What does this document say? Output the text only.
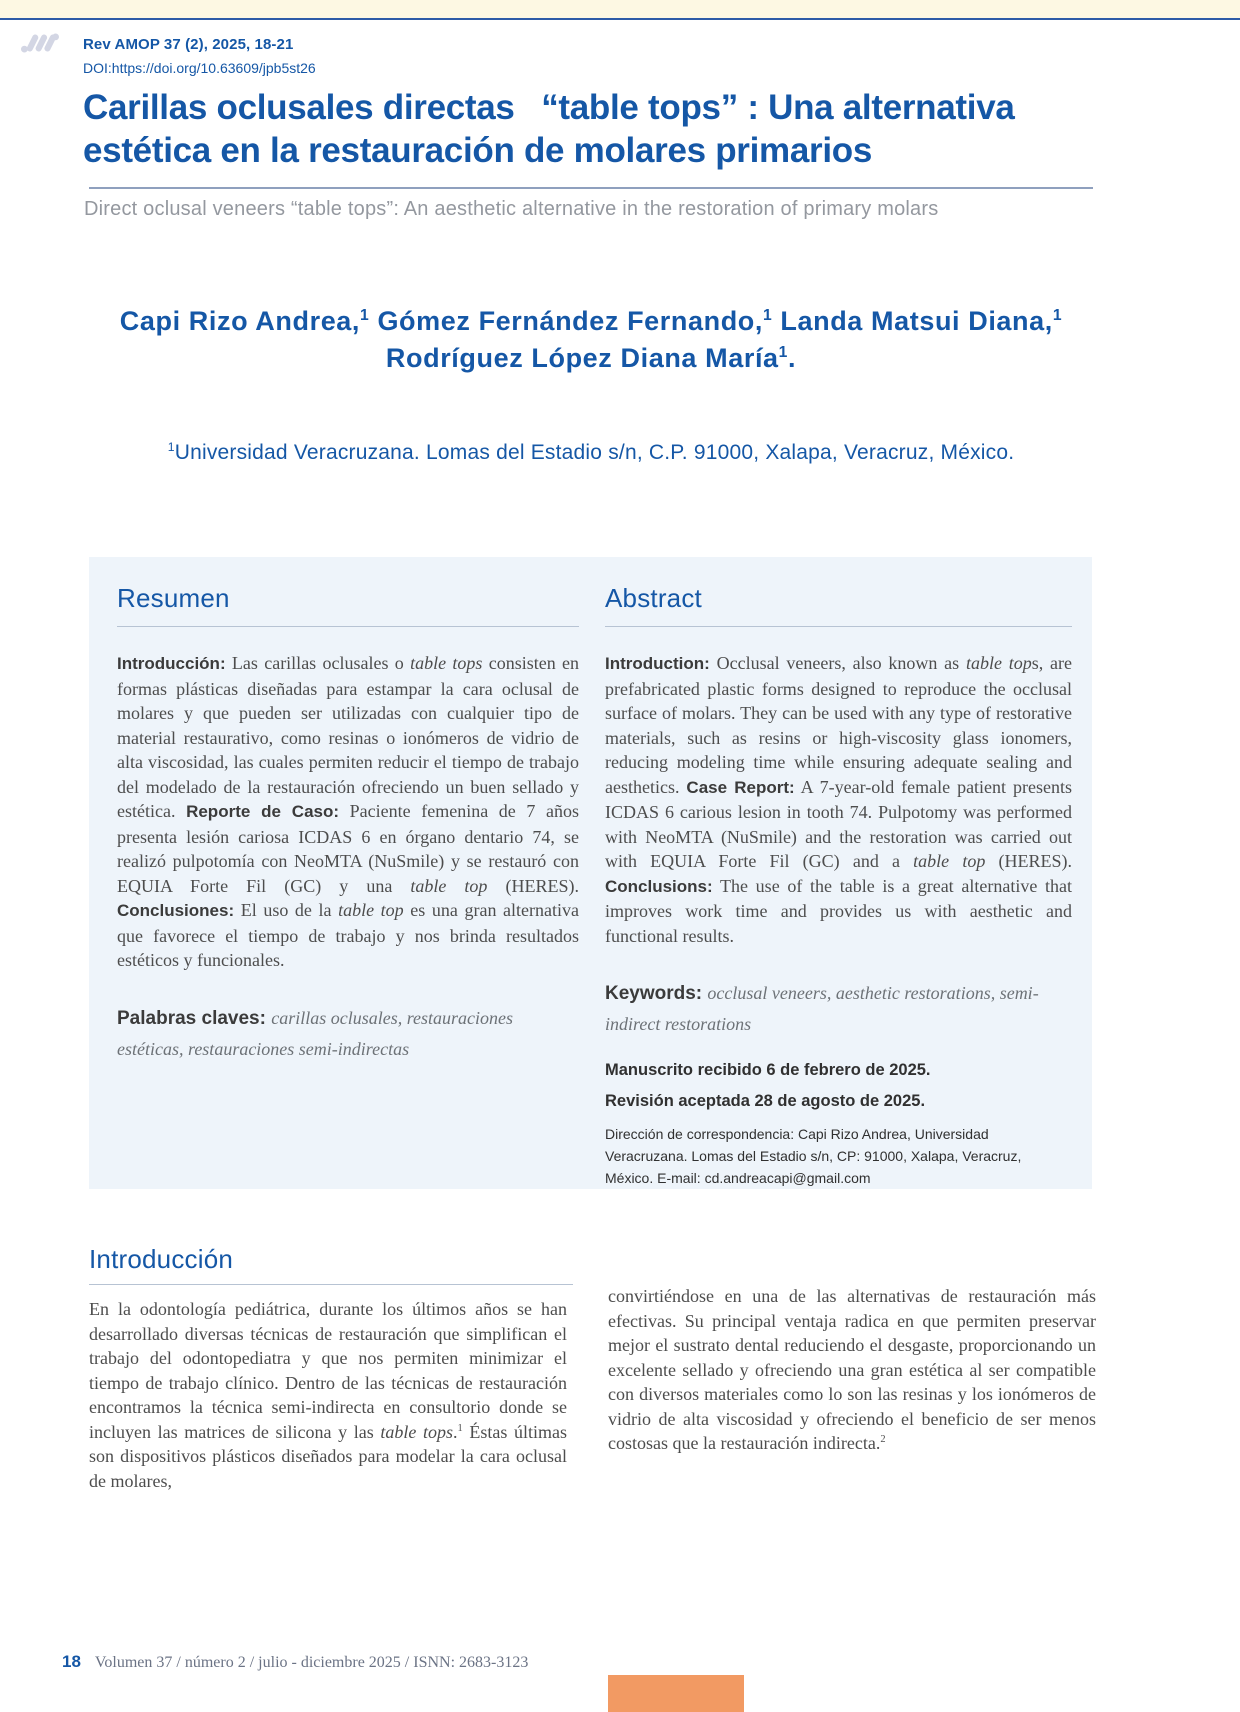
Rev AMOP 37 (2), 2025, 18-21
DOI:https://doi.org/10.63609/jpb5st26
Carillas oclusales directas  “table tops” : Una alternativa
estética en la restauración de molares primarios
Direct oclusal veneers “table tops”: An aesthetic alternative in the restoration of primary molars
Capi Rizo Andrea,$^1$ Gómez Fernández Fernando,$^1$ Landa Matsui Diana,$^1$
Rodríguez López Diana María$^1$.
$^1$Universidad Veracruzana. Lomas del Estadio s/n, C.P. 91000, Xalapa, Veracruz, México.
Resumen

Introducción: Las carillas oclusales o table tops consisten en formas plásticas diseñadas para estampar la cara oclusal de molares y que pueden ser utilizadas con cualquier tipo de material restaurativo, como resinas o ionómeros de vidrio de alta viscosidad, las cuales permiten reducir el tiempo de trabajo del modelado de la restauración ofreciendo un buen sellado y estética. Reporte de Caso: Paciente femenina de 7 años presenta lesión cariosa ICDAS 6 en órgano dentario 74, se realizó pulpotomía con NeoMTA (NuSmile) y se restauró con EQUIA Forte Fil (GC) y una table top (HERES). Conclusiones: El uso de la table top es una gran alternativa que favorece el tiempo de trabajo y nos brinda resultados estéticos y funcionales.

Palabras claves: carillas oclusales, restauraciones estéticas, restauraciones semi-indirectas

Abstract

Introduction: Occlusal veneers, also known as table tops, are prefabricated plastic forms designed to reproduce the occlusal surface of molars. They can be used with any type of restorative materials, such as resins or high-viscosity glass ionomers, reducing modeling time while ensuring adequate sealing and aesthetics. Case Report: A 7-year-old female patient presents ICDAS 6 carious lesion in tooth 74. Pulpotomy was performed with NeoMTA (NuSmile) and the restoration was carried out with EQUIA Forte Fil (GC) and a table top (HERES). Conclusions: The use of the table is a great alternative that improves work time and provides us with aesthetic and functional results.

Keywords: occlusal veneers, aesthetic restorations, semi-indirect restorations

Manuscrito recibido 6 de febrero de 2025.

Revisión aceptada 28 de agosto de 2025.

Dirección de correspondencia: Capi Rizo Andrea, Universidad Veracruzana. Lomas del Estadio s/n, CP: 91000, Xalapa, Veracruz, México. E-mail: cd.andreacapi@gmail.com

Introducción

En la odontología pediátrica, durante los últimos años se han desarrollado diversas técnicas de restauración que simplifican el trabajo del odontopediatra y que nos permiten minimizar el tiempo de trabajo clínico. Dentro de las técnicas de restauración encontramos la técnica semi-indirecta en consultorio donde se incluyen las matrices de silicona y las table tops.$^1$ Éstas últimas son dispositivos plásticos diseñados para modelar la cara oclusal de molares,

convirtiéndose en una de las alternativas de restauración más efectivas. Su principal ventaja radica en que permiten preservar mejor el sustrato dental reduciendo el desgaste, proporcionando un excelente sellado y ofreciendo una gran estética al ser compatible con diversos materiales como lo son las resinas y los ionómeros de vidrio de alta viscosidad y ofreciendo el beneficio de ser menos costosas que la restauración indirecta.$^2$

18 Volumen 37 / número 2 / julio - diciembre 2025 / ISNN: 2683-3123
